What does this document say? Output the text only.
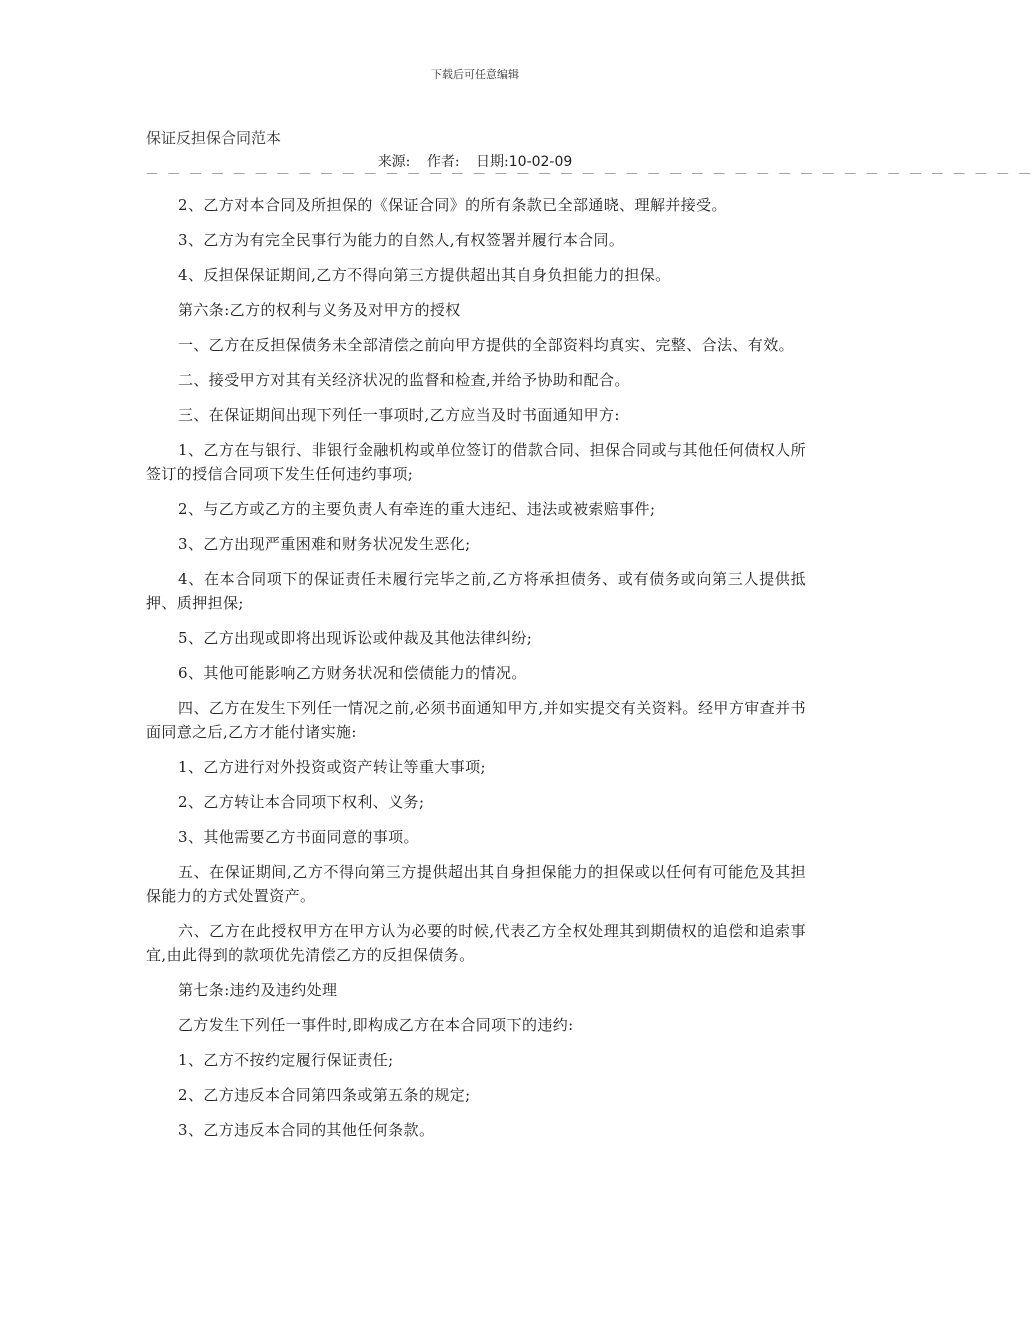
下载后可任意编辑
保证反担保合同范本
来源: 作者: 日期:10-02-09
— — — — — — — — — — — — — — — — — — — — — — — — — — — — — — — — — — — — — — — — —

2、乙方对本合同及所担保的《保证合同》的所有条款已全部通晓、理解并接受。

3、乙方为有完全民事行为能力的自然人,有权签署并履行本合同。

4、反担保保证期间,乙方不得向第三方提供超出其自身负担能力的担保。

第六条:乙方的权利与义务及对甲方的授权

一、乙方在反担保债务未全部清偿之前向甲方提供的全部资料均真实、完整、合法、有效。

二、接受甲方对其有关经济状况的监督和检查,并给予协助和配合。

三、在保证期间出现下列任一事项时,乙方应当及时书面通知甲方:

1、乙方在与银行、非银行金融机构或单位签订的借款合同、担保合同或与其他任何债权人所签订的授信合同项下发生任何违约事项;

2、与乙方或乙方的主要负责人有牵连的重大违纪、违法或被索赔事件;

3、乙方出现严重困难和财务状况发生恶化;

4、在本合同项下的保证责任未履行完毕之前,乙方将承担债务、或有债务或向第三人提供抵押、质押担保;

5、乙方出现或即将出现诉讼或仲裁及其他法律纠纷;

6、其他可能影响乙方财务状况和偿债能力的情况。

四、乙方在发生下列任一情况之前,必须书面通知甲方,并如实提交有关资料。经甲方审查并书面同意之后,乙方才能付诸实施:

1、乙方进行对外投资或资产转让等重大事项;

2、乙方转让本合同项下权利、义务;

3、其他需要乙方书面同意的事项。

五、在保证期间,乙方不得向第三方提供超出其自身担保能力的担保或以任何有可能危及其担保能力的方式处置资产。

六、乙方在此授权甲方在甲方认为必要的时候,代表乙方全权处理其到期债权的追偿和追索事宜,由此得到的款项优先清偿乙方的反担保债务。

第七条:违约及违约处理

乙方发生下列任一事件时,即构成乙方在本合同项下的违约:

1、乙方不按约定履行保证责任;

2、乙方违反本合同第四条或第五条的规定;

3、乙方违反本合同的其他任何条款。
